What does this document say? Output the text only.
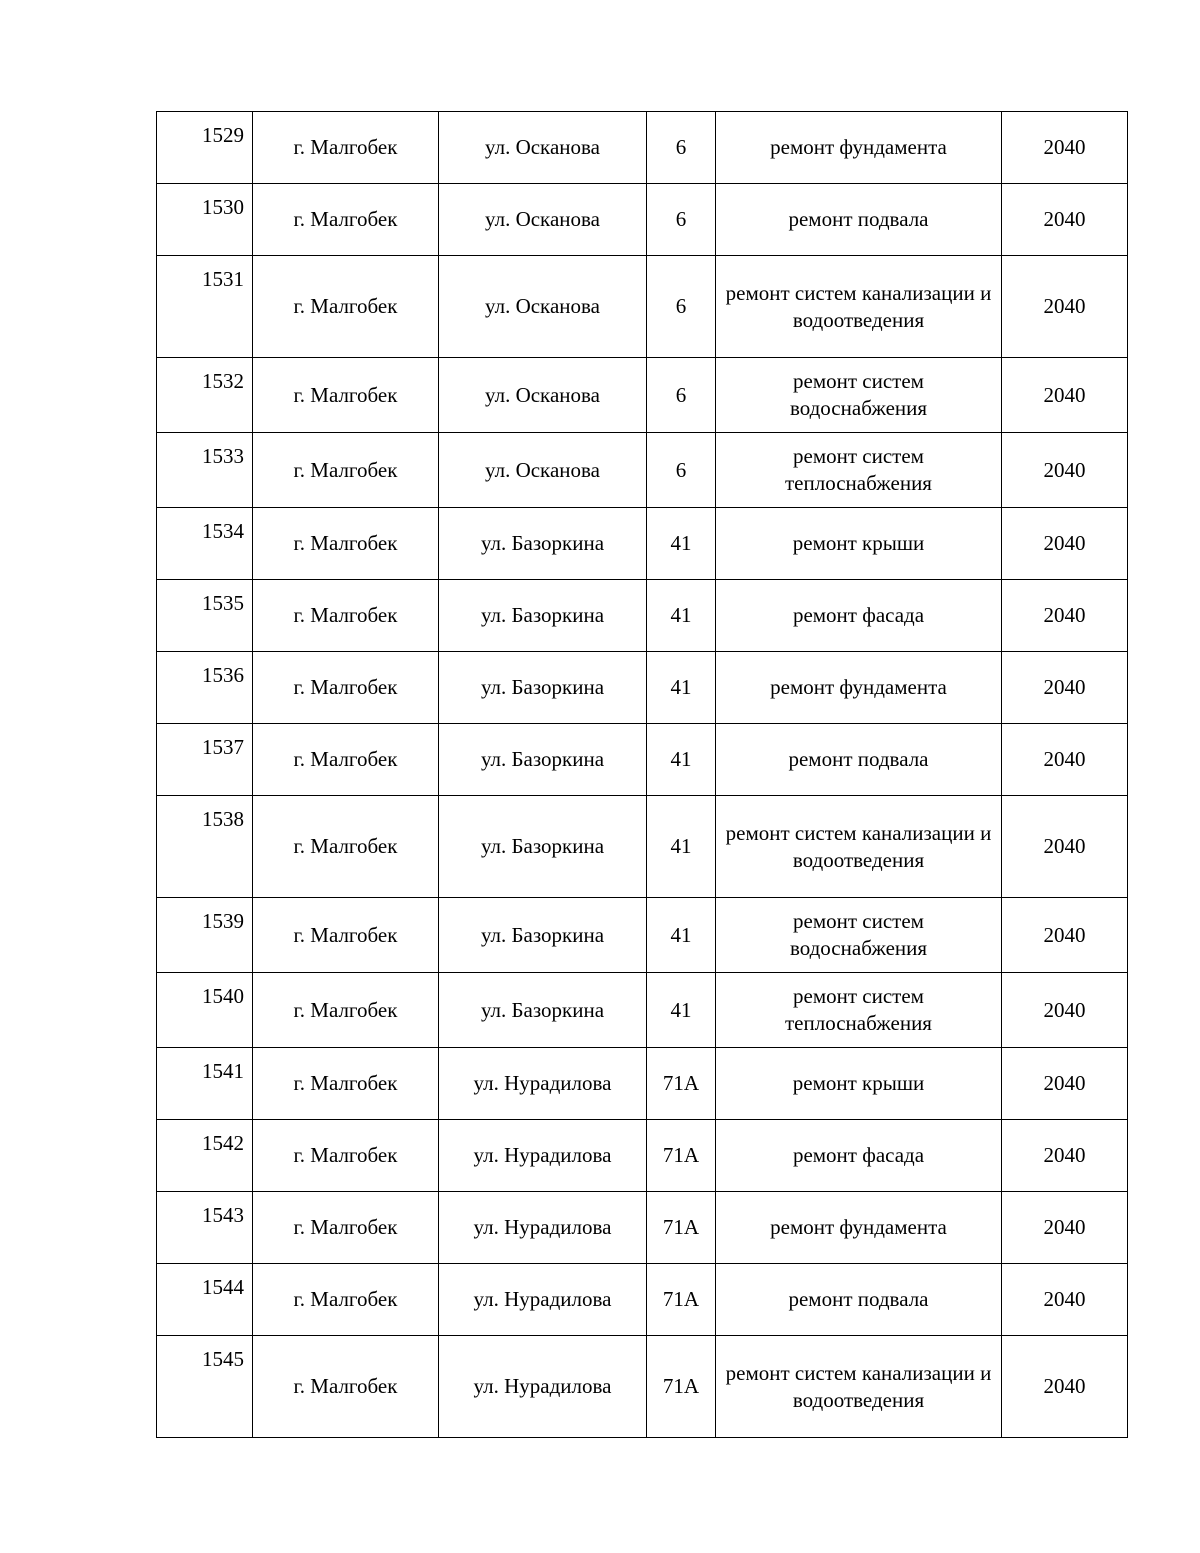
1529	г. Малгобек	ул. Осканова	6	ремонт фундамента	2040
1530	г. Малгобек	ул. Осканова	6	ремонт подвала	2040
1531	г. Малгобек	ул. Осканова	6	ремонт систем канализации и водоотведения	2040
1532	г. Малгобек	ул. Осканова	6	ремонт систем водоснабжения	2040
1533	г. Малгобек	ул. Осканова	6	ремонт систем теплоснабжения	2040
1534	г. Малгобек	ул. Базоркина	41	ремонт крыши	2040
1535	г. Малгобек	ул. Базоркина	41	ремонт фасада	2040
1536	г. Малгобек	ул. Базоркина	41	ремонт фундамента	2040
1537	г. Малгобек	ул. Базоркина	41	ремонт подвала	2040
1538	г. Малгобек	ул. Базоркина	41	ремонт систем канализации и водоотведения	2040
1539	г. Малгобек	ул. Базоркина	41	ремонт систем водоснабжения	2040
1540	г. Малгобек	ул. Базоркина	41	ремонт систем теплоснабжения	2040
1541	г. Малгобек	ул. Нурадилова	71А	ремонт крыши	2040
1542	г. Малгобек	ул. Нурадилова	71А	ремонт фасада	2040
1543	г. Малгобек	ул. Нурадилова	71А	ремонт фундамента	2040
1544	г. Малгобек	ул. Нурадилова	71А	ремонт подвала	2040
1545	г. Малгобек	ул. Нурадилова	71А	ремонт систем канализации и водоотведения	2040
